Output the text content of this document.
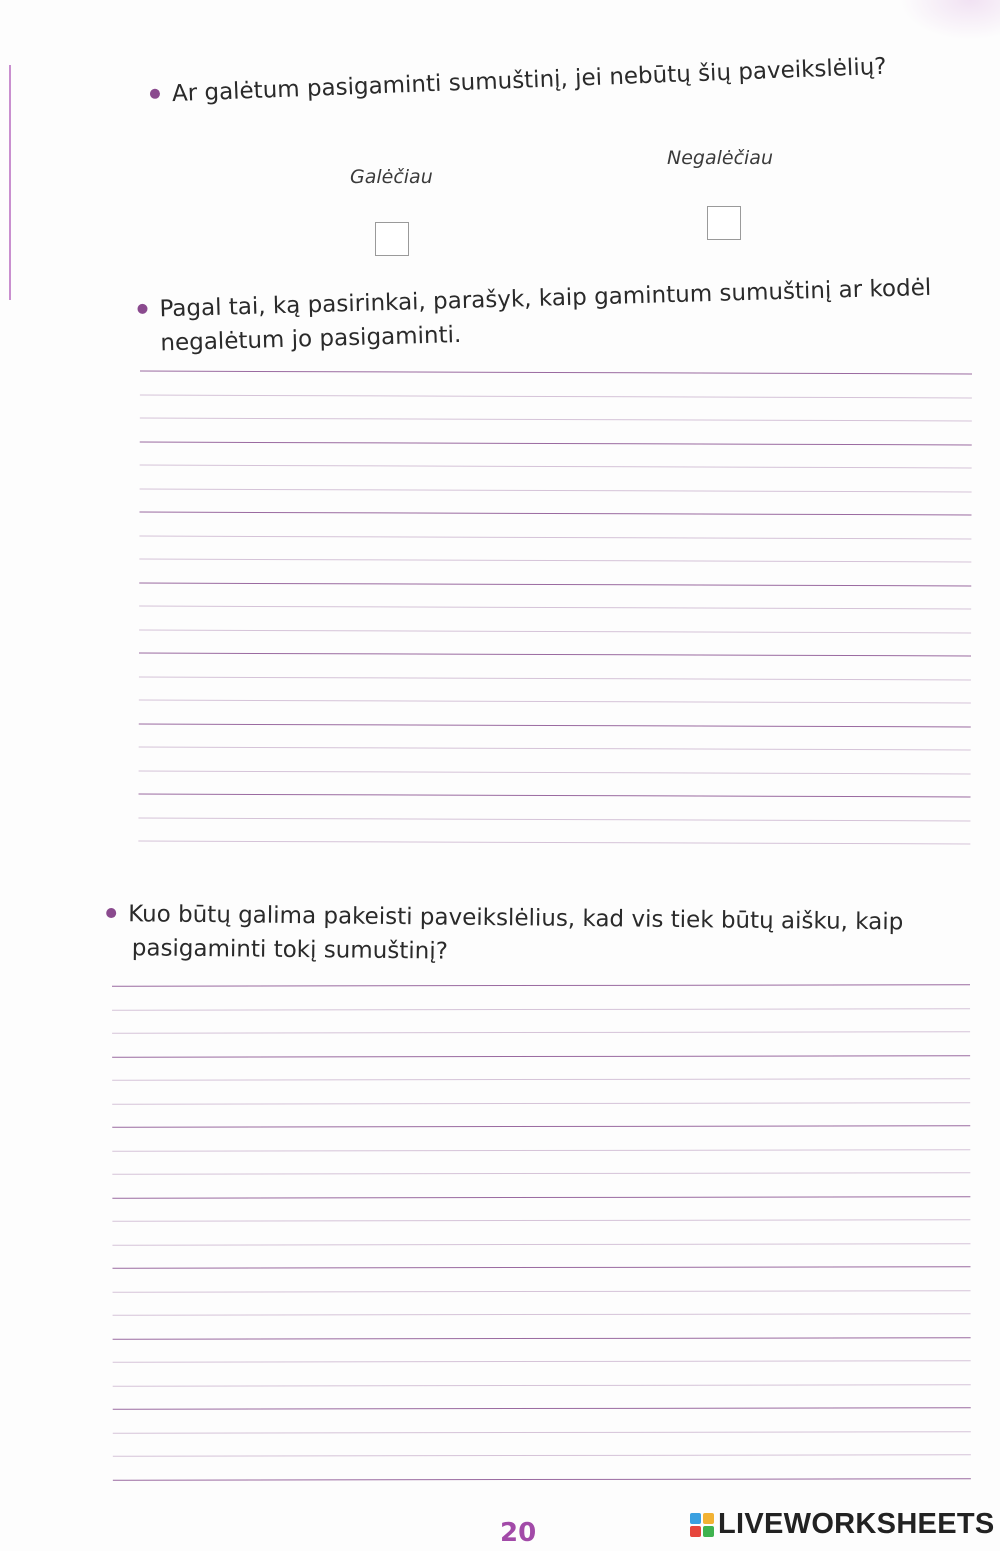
Ar galėtum pasigaminti sumuštinį, jei nebūtų šių paveikslėlių?
Galėčiau
Negalėčiau
Pagal tai, ką pasirinkai, parašyk, kaip gamintum sumuštinį ar kodėl
negalėtum jo pasigaminti.
Kuo būtų galima pakeisti paveikslėlius, kad vis tiek būtų aišku, kaip
pasigaminti tokį sumuštinį?
20	LIVEWORKSHEETS
